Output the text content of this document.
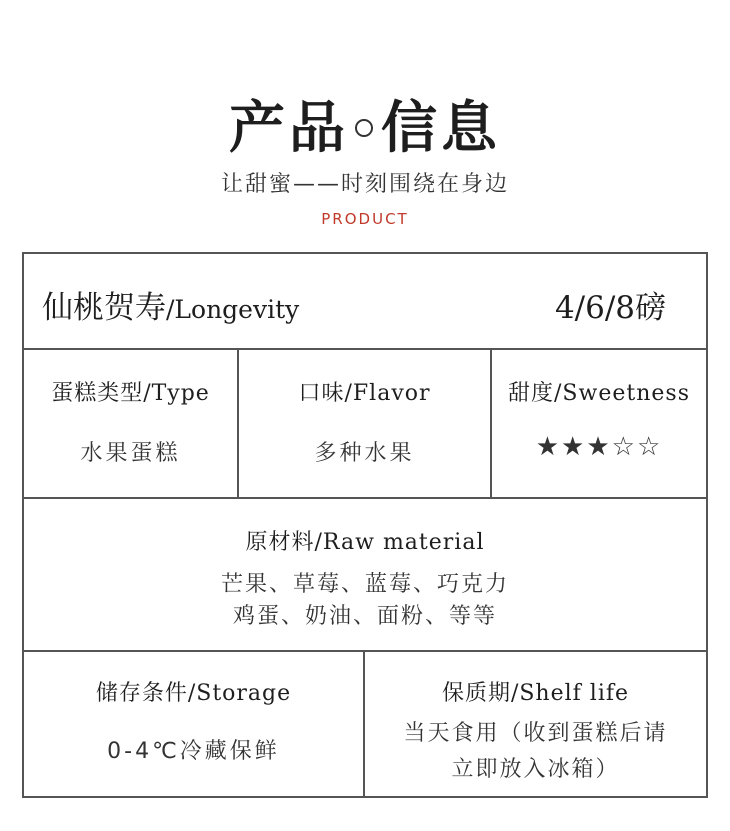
产品 信息
让甜蜜——时刻围绕在身边
PRODUCT
仙桃贺寿/Longevity	4/6/8磅
蛋糕类型/Type
水果蛋糕
口味/Flavor
多种水果
甜度/Sweetness
★★★☆☆
原材料/Raw material
芒果、草莓、蓝莓、巧克力
鸡蛋、奶油、面粉、等等
储存条件/Storage
0-4℃冷藏保鲜
保质期/Shelf life
当天食用（收到蛋糕后请
立即放入冰箱）
